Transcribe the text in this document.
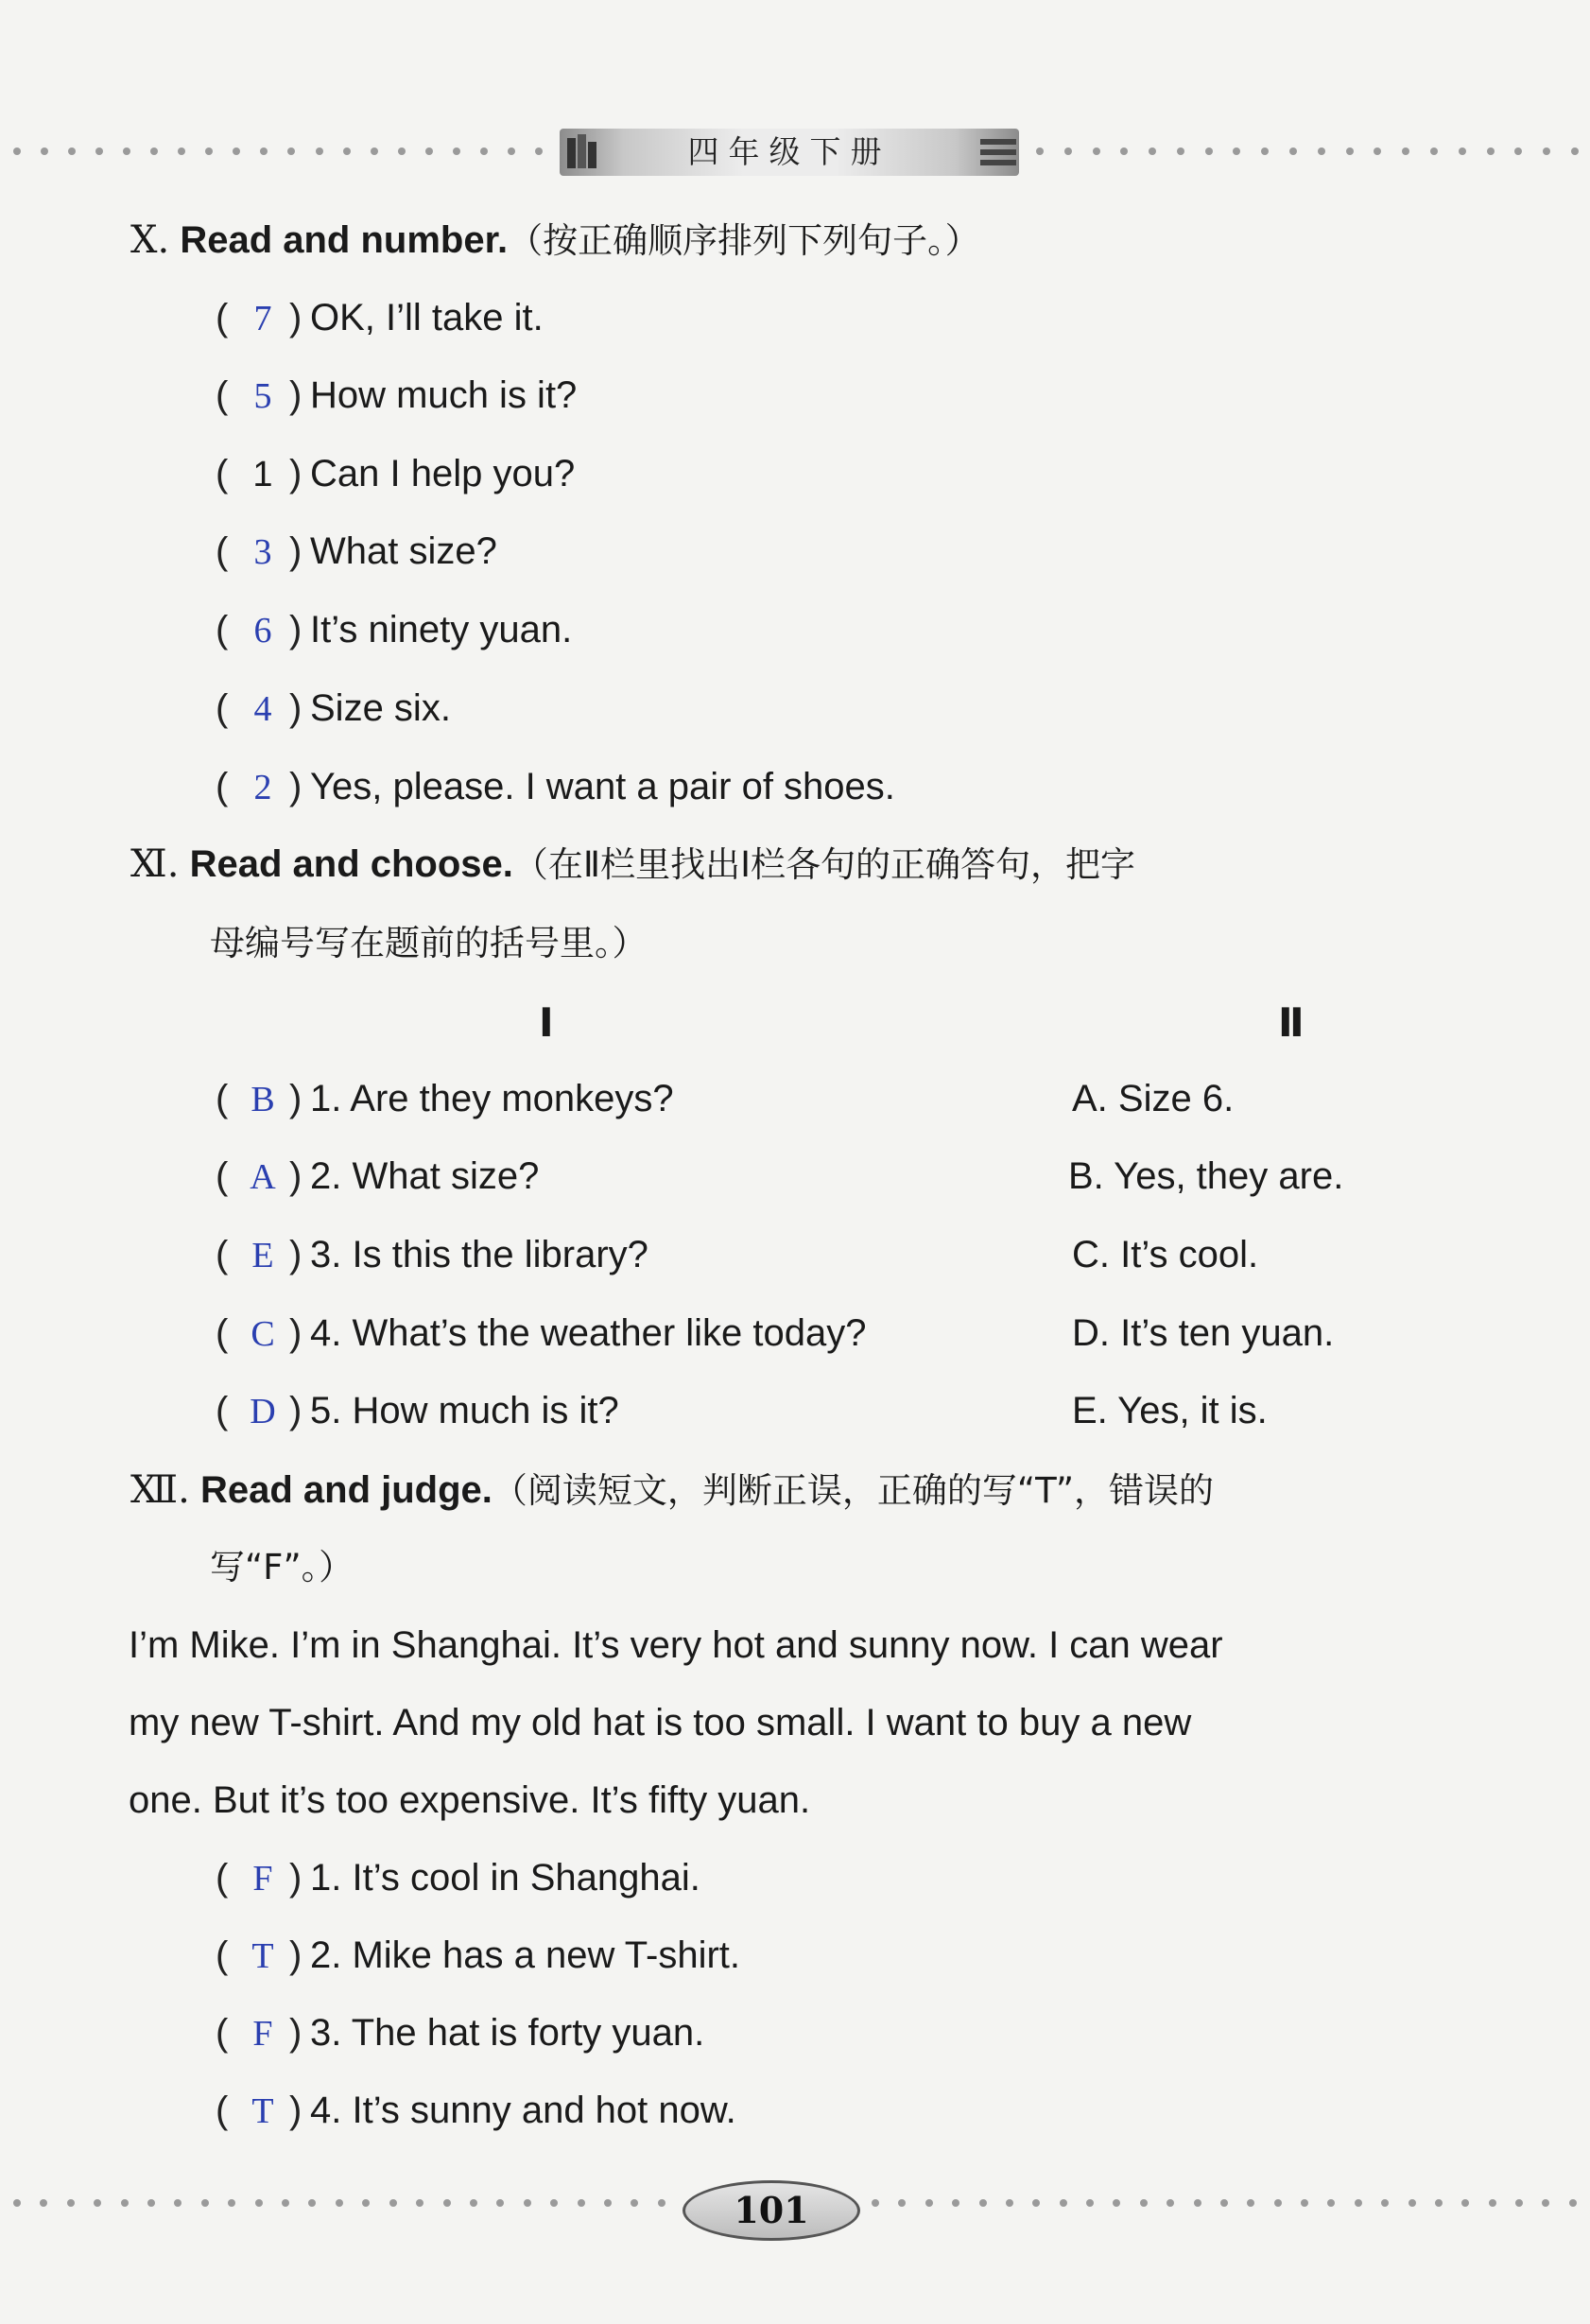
四年级下册
Ⅹ. Read and number.（按正确顺序排列下列句子。）
( 7 ) OK, I’ll take it.
( 5 ) How much is it?
( 1 ) Can I help you?
( 3 ) What size?
( 6 ) It’s ninety yuan.
( 4 ) Size six.
( 2 ) Yes, please. I want a pair of shoes.
Ⅺ. Read and choose.（在Ⅱ栏里找出Ⅰ栏各句的正确答句，把字
母编号写在题前的括号里。）
Ⅰ	Ⅱ
( B ) 1. Are they monkeys?
( A ) 2. What size?
( E ) 3. Is this the library?
( C ) 4. What’s the weather like today?
( D ) 5. How much is it?
A. Size 6.
B. Yes, they are.
C. It’s cool.
D. It’s ten yuan.
E. Yes, it is.
Ⅻ. Read and judge.（阅读短文，判断正误，正确的写“T”，错误的
写“F”。）
I’m Mike. I’m in Shanghai. It’s very hot and sunny now. I can wear
my new T-shirt. And my old hat is too small. I want to buy a new
one. But it’s too expensive. It’s fifty yuan.
( F ) 1. It’s cool in Shanghai.
( T ) 2. Mike has a new T-shirt.
( F ) 3. The hat is forty yuan.
( T ) 4. It’s sunny and hot now.
101
